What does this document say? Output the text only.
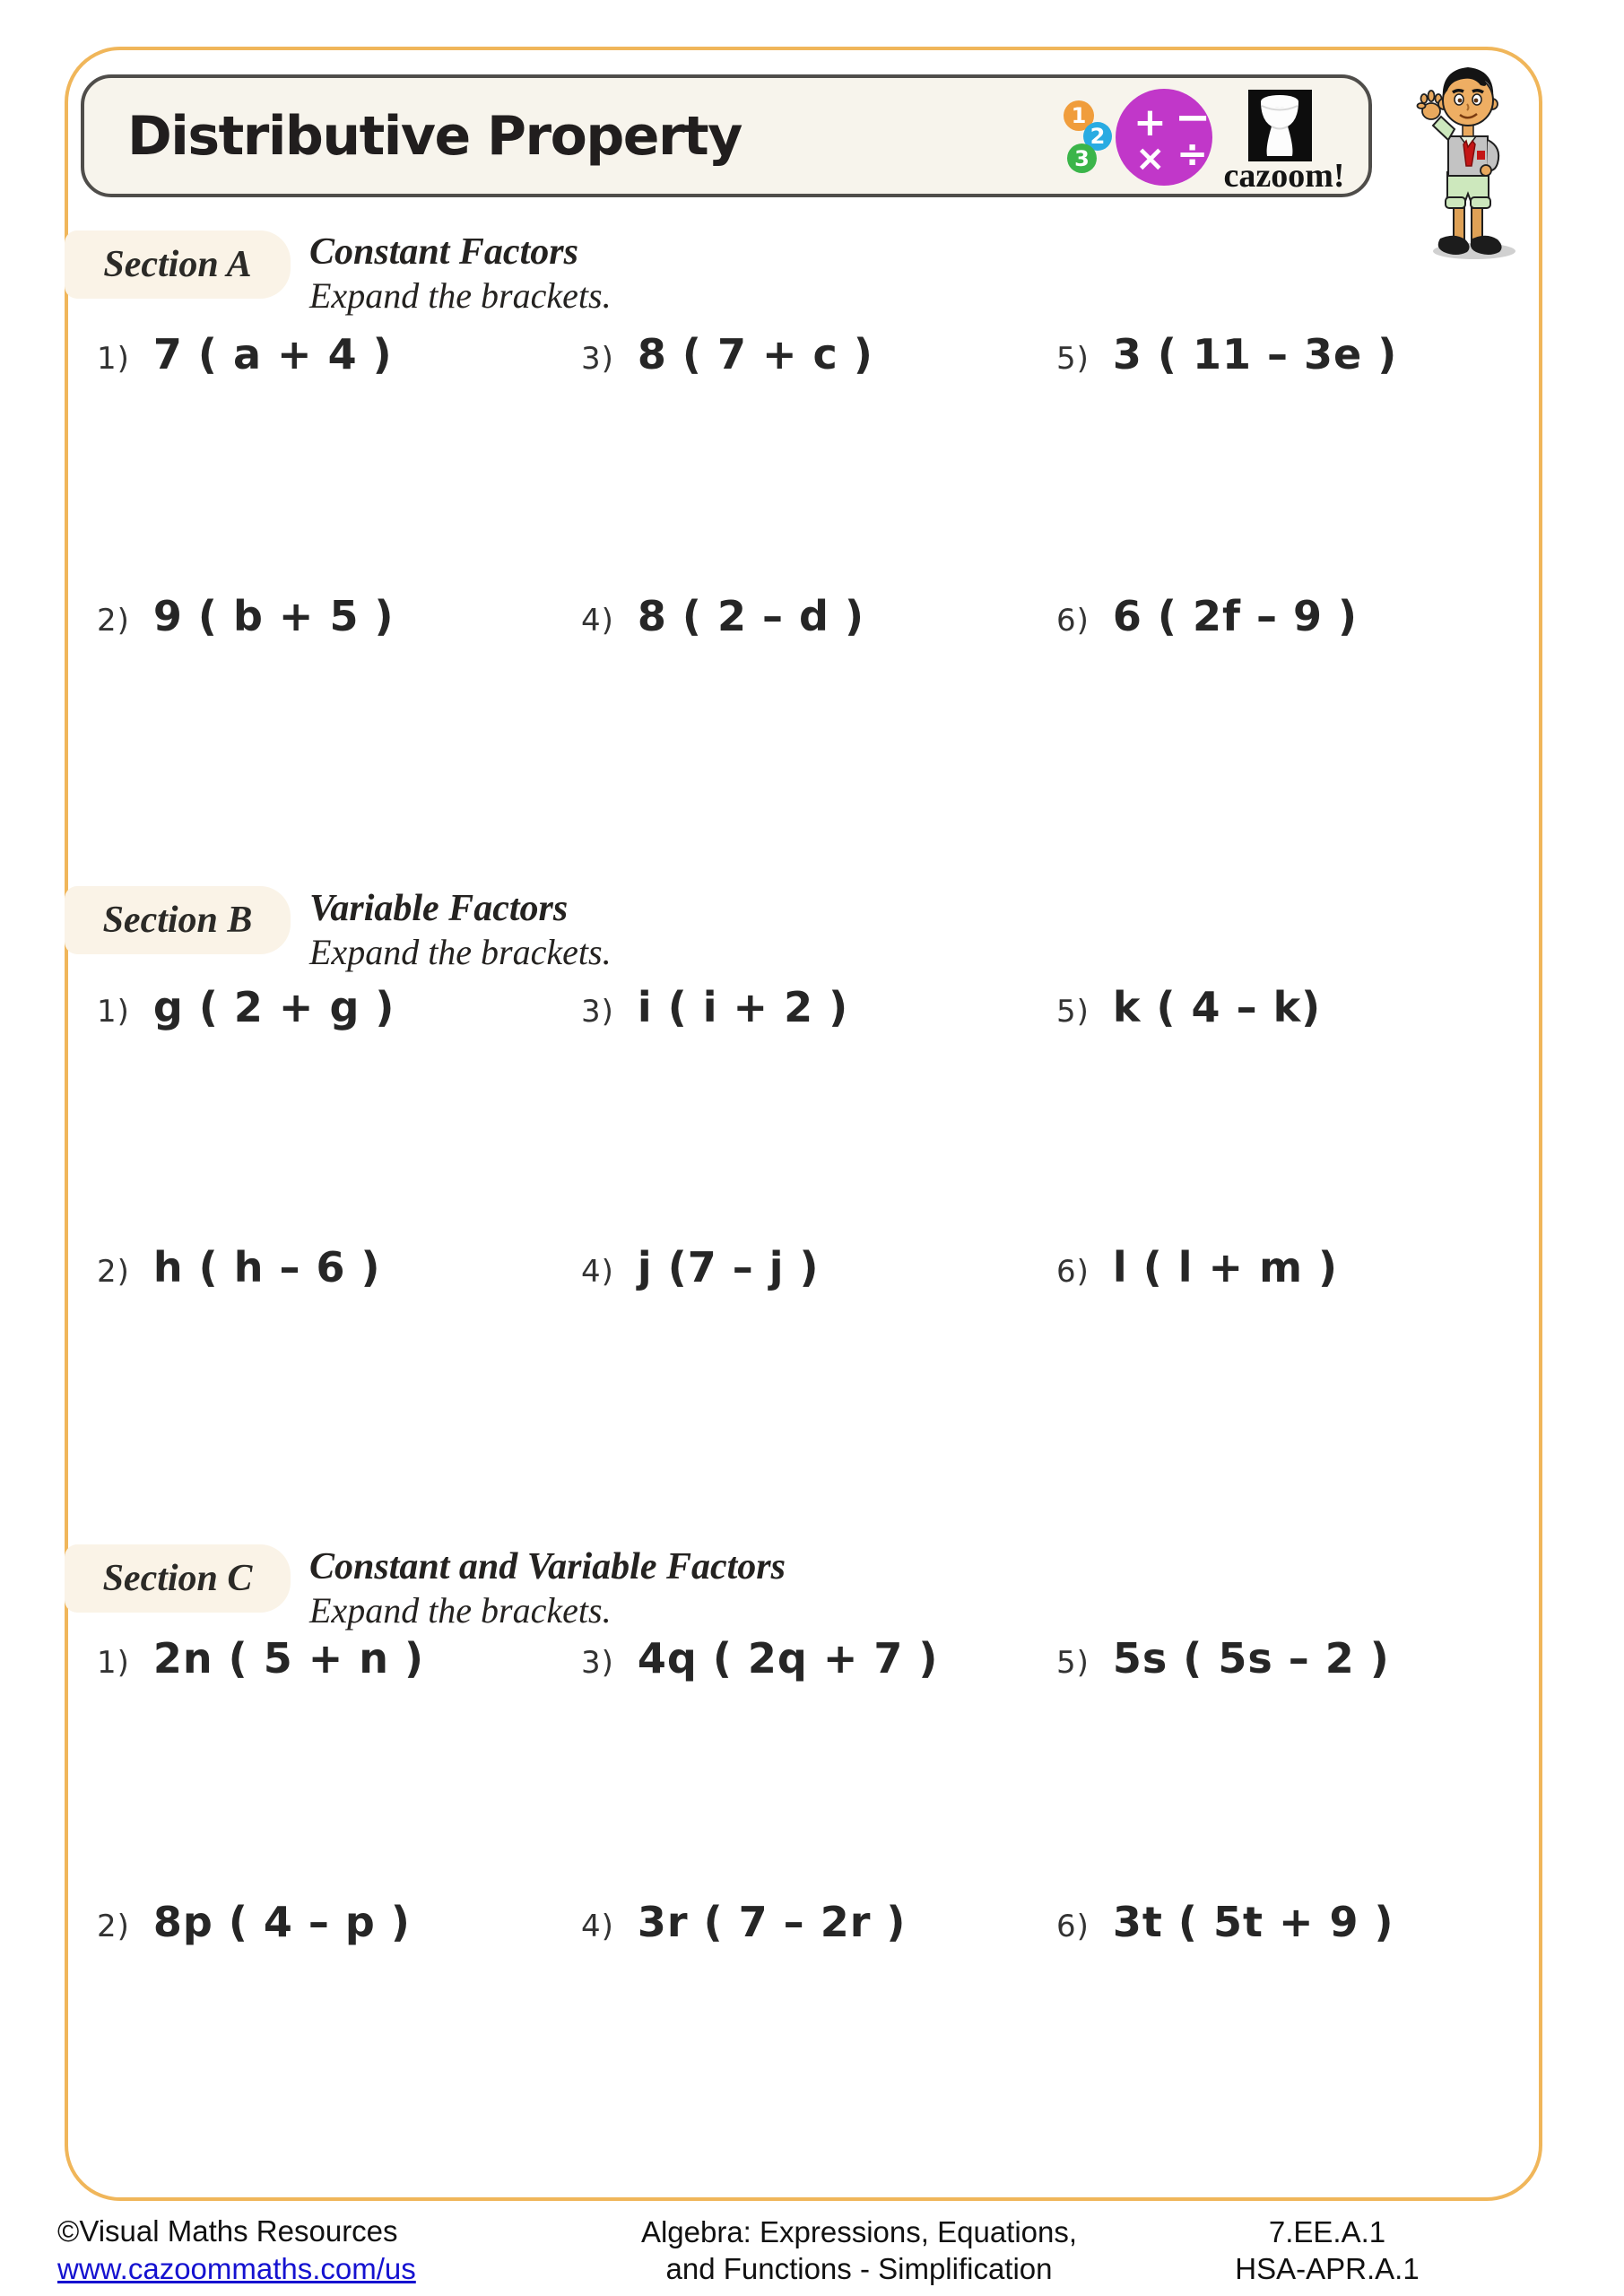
Distributive Property	1
2
3
+ −
× ÷ cazoom!
Section A Constant Factors
Expand the brackets.
1) 7 ( a + 4 )	3) 8 ( 7 + c )	5) 3 ( 11 – 3e )
2) 9 ( b + 5 )	4) 8 ( 2 – d )	6) 6 ( 2f – 9 )
Section B Variable Factors
Expand the brackets.
1) g ( 2 + g )	3) i ( i + 2 )	5) k ( 4 – k)
2) h ( h – 6 )	4) j (7 – j )	6) l ( l + m )
Section C Constant and Variable Factors
Expand the brackets.
1) 2n ( 5 + n )	3) 4q ( 2q + 7 )	5) 5s ( 5s – 2 )
2) 8p ( 4 – p )	4) 3r ( 7 – 2r )	6) 3t ( 5t + 9 )
©Visual Maths Resources
www.cazoommaths.com/us
Algebra: Expressions, Equations,
and Functions - Simplification
7.EE.A.1
HSA-APR.A.1
